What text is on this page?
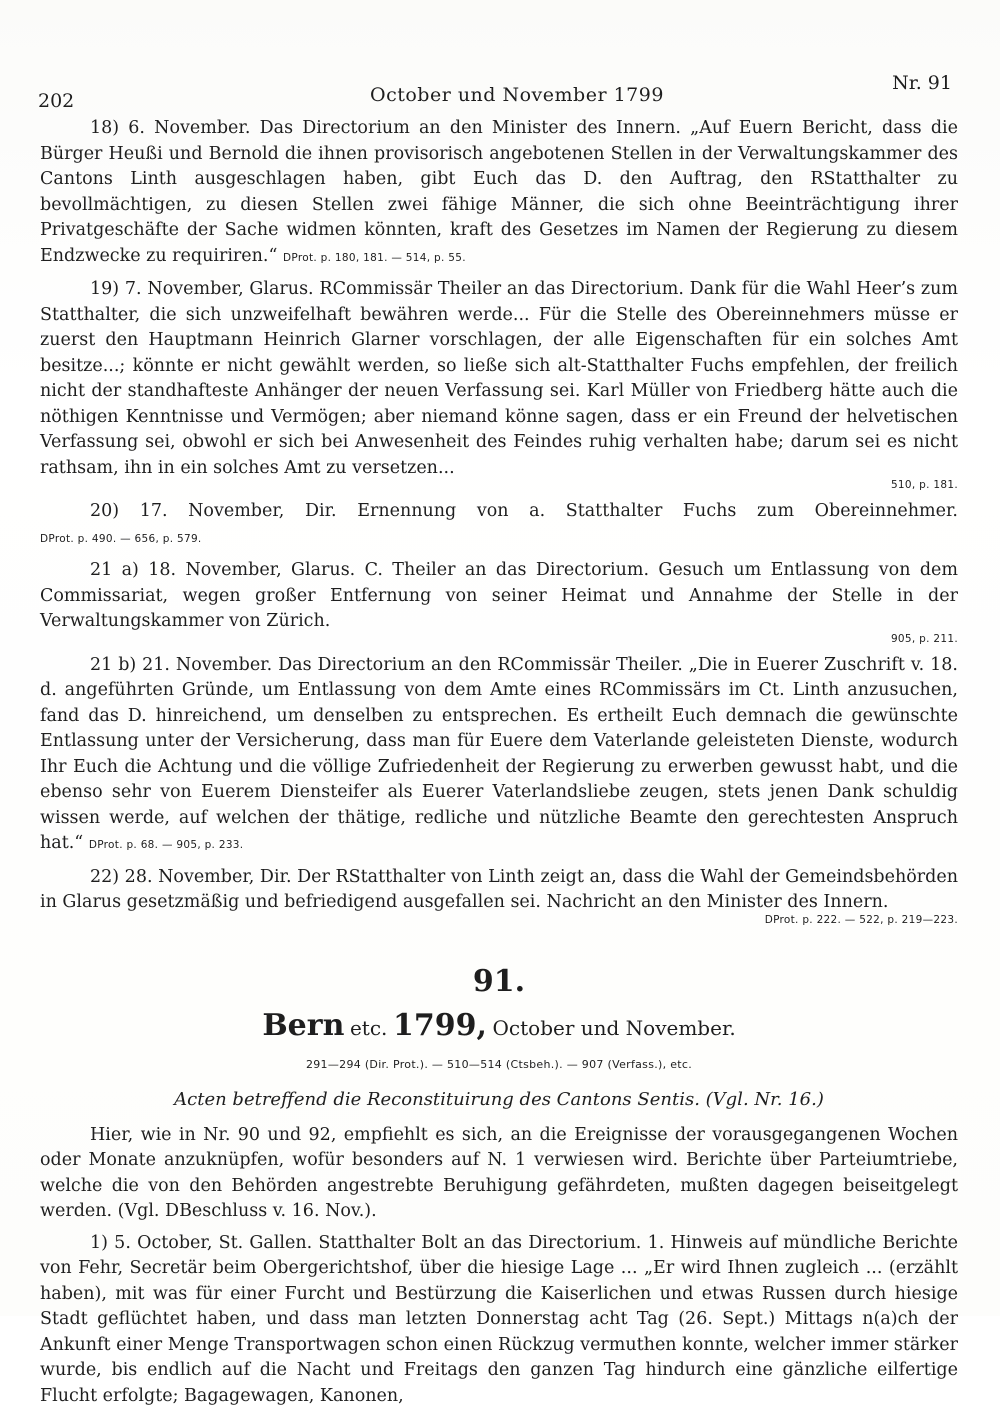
202	October und November 1799
Nr. 91

18) 6. November. Das Directorium an den Minister des Innern. „Auf Euern Bericht, dass die Bürger Heußi und Bernold die ihnen provisorisch angebotenen Stellen in der Verwaltungskammer des Cantons Linth ausgeschlagen haben, gibt Euch das D. den Auftrag, den RStatthalter zu bevollmächtigen, zu diesen Stellen zwei fähige Männer, die sich ohne Beeinträchtigung ihrer Privatgeschäfte der Sache widmen könnten, kraft des Gesetzes im Namen der Regierung zu diesem Endzwecke zu requiriren.“ DProt. p. 180, 181. — 514, p. 55.

19) 7. November, Glarus. RCommissär Theiler an das Directorium. Dank für die Wahl Heer’s zum Statthalter, die sich unzweifelhaft bewähren werde... Für die Stelle des Obereinnehmers müsse er zuerst den Hauptmann Heinrich Glarner vorschlagen, der alle Eigenschaften für ein solches Amt besitze...; könnte er nicht gewählt werden, so ließe sich alt-Statthalter Fuchs empfehlen, der freilich nicht der standhafteste Anhänger der neuen Verfassung sei. Karl Müller von Friedberg hätte auch die nöthigen Kenntnisse und Vermögen; aber niemand könne sagen, dass er ein Freund der helvetischen Verfassung sei, obwohl er sich bei Anwesenheit des Feindes ruhig verhalten habe; darum sei es nicht rathsam, ihn in ein solches Amt zu versetzen...
510, p. 181.

20) 17. November, Dir. Ernennung von a. Statthalter Fuchs zum Obereinnehmer. DProt. p. 490. — 656, p. 579.

21 a) 18. November, Glarus. C. Theiler an das Directorium. Gesuch um Entlassung von dem Commissariat, wegen großer Entfernung von seiner Heimat und Annahme der Stelle in der Verwaltungskammer von Zürich.
905, p. 211.

21 b) 21. November. Das Directorium an den RCommissär Theiler. „Die in Euerer Zuschrift v. 18. d. angeführten Gründe, um Entlassung von dem Amte eines RCommissärs im Ct. Linth anzusuchen, fand das D. hinreichend, um denselben zu entsprechen. Es ertheilt Euch demnach die gewünschte Entlassung unter der Versicherung, dass man für Euere dem Vaterlande geleisteten Dienste, wodurch Ihr Euch die Achtung und die völlige Zufriedenheit der Regierung zu erwerben gewusst habt, und die ebenso sehr von Euerem Diensteifer als Euerer Vaterlandsliebe zeugen, stets jenen Dank schuldig wissen werde, auf welchen der thätige, redliche und nützliche Beamte den gerechtesten Anspruch hat.“ DProt. p. 68. — 905, p. 233.

22) 28. November, Dir. Der RStatthalter von Linth zeigt an, dass die Wahl der Gemeindsbehörden in Glarus gesetzmäßig und befriedigend ausgefallen sei. Nachricht an den Minister des Innern.
DProt. p. 222. — 522, p. 219—223.

91.
Bern etc. 1799, October und November.
291—294 (Dir. Prot.). — 510—514 (Ctsbeh.). — 907 (Verfass.), etc.
Acten betreffend die Reconstituirung des Cantons Sentis. (Vgl. Nr. 16.)

Hier, wie in Nr. 90 und 92, empfiehlt es sich, an die Ereignisse der vorausgegangenen Wochen oder Monate anzuknüpfen, wofür besonders auf N. 1 verwiesen wird. Berichte über Parteiumtriebe, welche die von den Behörden angestrebte Beruhigung gefährdeten, mußten dagegen beiseitgelegt werden. (Vgl. DBeschluss v. 16. Nov.).

1) 5. October, St. Gallen. Statthalter Bolt an das Directorium. 1. Hinweis auf mündliche Berichte von Fehr, Secretär beim Obergerichtshof, über die hiesige Lage ... „Er wird Ihnen zugleich ... (erzählt haben), mit was für einer Furcht und Bestürzung die Kaiserlichen und etwas Russen durch hiesige Stadt geflüchtet haben, und dass man letzten Donnerstag acht Tag (26. Sept.) Mittags n(a)ch der Ankunft einer Menge Transportwagen schon einen Rückzug vermuthen konnte, welcher immer stärker wurde, bis endlich auf die Nacht und Freitags den ganzen Tag hindurch eine gänzliche eilfertige Flucht erfolgte; Bagagewagen, Kanonen,
